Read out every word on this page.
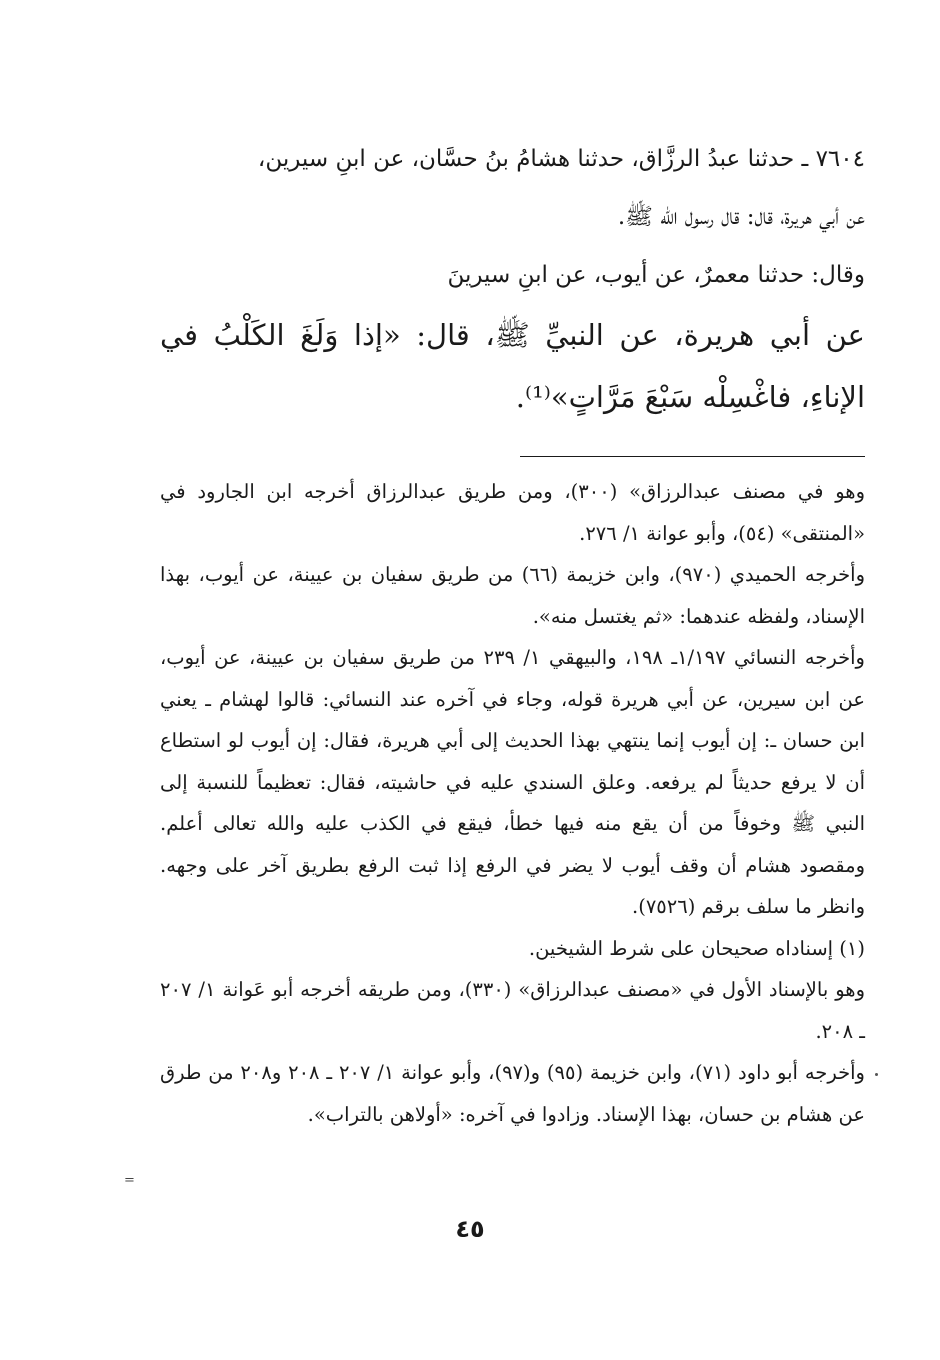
٧٦٠٤ ـ حدثنا عبدُ الرزَّاق، حدثنا هشامُ بنُ حسَّان، عن ابنِ سيرين،

عن أبي هريرة، قال: قال رسول الله ﷺ.

وقال: حدثنا معمرٌ، عن أيوب، عن ابنِ سيرينَ

عن أبي هريرة، عن النبيِّ ﷺ، قال: «إذا وَلَغَ الكَلْبُ في الإناءِ، فاغْسِلْه سَبْعَ مَرَّاتٍ»⁽¹⁾.

وهو في مصنف عبدالرزاق» (٣٠٠)، ومن طريق عبدالرزاق أخرجه ابن الجارود في «المنتقى» (٥٤)، وأبو عوانة ١/ ٢٧٦.

وأخرجه الحميدي (٩٧٠)، وابن خزيمة (٦٦) من طريق سفيان بن عيينة، عن أيوب، بهذا الإسناد، ولفظه عندهما: «ثم يغتسل منه».

وأخرجه النسائي ١/١٩٧ـ ١٩٨، والبيهقي ١/ ٢٣٩ من طريق سفيان بن عيينة، عن أيوب، عن ابن سيرين، عن أبي هريرة قوله، وجاء في آخره عند النسائي: قالوا لهشام ـ يعني ابن حسان ـ: إن أيوب إنما ينتهي بهذا الحديث إلى أبي هريرة، فقال: إن أيوب لو استطاع أن لا يرفع حديثاً لم يرفعه. وعلق السندي عليه في حاشيته، فقال: تعظيماً للنسبة إلى النبي ﷺ وخوفاً من أن يقع منه فيها خطأ، فيقع في الكذب عليه والله تعالى أعلم. ومقصود هشام أن وقف أيوب لا يضر في الرفع إذا ثبت الرفع بطريق آخر على وجهه. وانظر ما سلف برقم (٧٥٢٦).

(١) إسناداه صحيحان على شرط الشيخين.

وهو بالإسناد الأول في «مصنف عبدالرزاق» (٣٣٠)، ومن طريقه أخرجه أبو عَوانة ١/ ٢٠٧ ـ ٢٠٨.

وأخرجه أبو داود (٧١)، وابن خزيمة (٩٥) و(٩٧)، وأبو عوانة ١/ ٢٠٧ ـ ٢٠٨ و٢٠٨ من طرق عن هشام بن حسان، بهذا الإسناد. وزادوا في آخره: «أولاهن بالتراب».

=
٤٥
